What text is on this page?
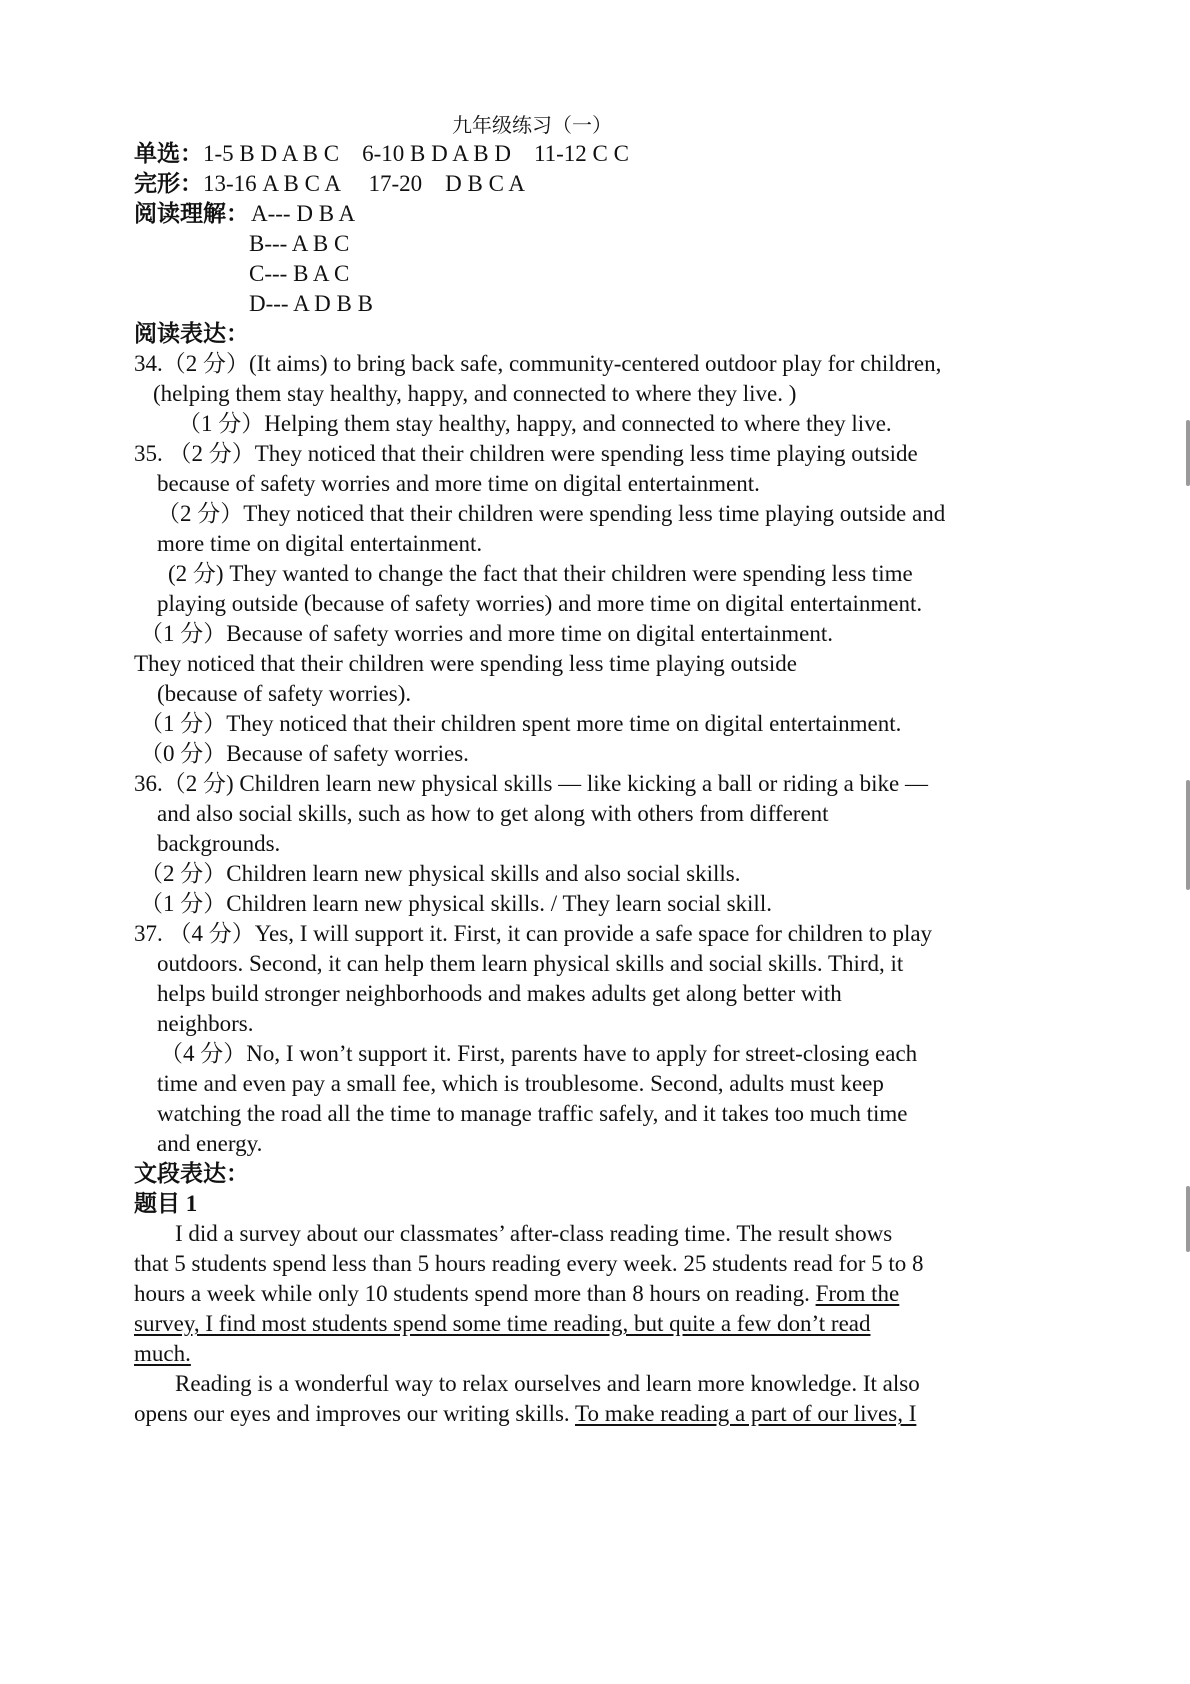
九年级练习（一）
单选：1-5 B D A B C    6-10 B D A B D    11-12 C C
完形：13-16 A B C A     17-20    D B C A
阅读理解：A--- D B A
B--- A B C
C--- B A C
D--- A D B B
阅读表达：
34.（2 分）(It aims) to bring back safe, community-centered outdoor play for children,
(helping them stay healthy, happy, and connected to where they live. )
（1 分）Helping them stay healthy, happy, and connected to where they live.
35. （2 分）They noticed that their children were spending less time playing outside
because of safety worries and more time on digital entertainment.
（2 分）They noticed that their children were spending less time playing outside and
more time on digital entertainment.
(2 分) They wanted to change the fact that their children were spending less time
playing outside (because of safety worries) and more time on digital entertainment.
（1 分）Because of safety worries and more time on digital entertainment.
They noticed that their children were spending less time playing outside
(because of safety worries).
（1 分）They noticed that their children spent more time on digital entertainment.
（0 分）Because of safety worries.
36.（2 分) Children learn new physical skills — like kicking a ball or riding a bike —
and also social skills, such as how to get along with others from different
backgrounds.
（2 分）Children learn new physical skills and also social skills.
（1 分）Children learn new physical skills. / They learn social skill.
37. （4 分）Yes, I will support it. First, it can provide a safe space for children to play
outdoors. Second, it can help them learn physical skills and social skills. Third, it
helps build stronger neighborhoods and makes adults get along better with
neighbors.
（4 分）No, I won’t support it. First, parents have to apply for street-closing each
time and even pay a small fee, which is troublesome. Second, adults must keep
watching the road all the time to manage traffic safely, and it takes too much time
and energy.
文段表达：
题目 1
I did a survey about our classmates’ after-class reading time. The result shows
that 5 students spend less than 5 hours reading every week. 25 students read for 5 to 8
hours a week while only 10 students spend more than 8 hours on reading. From the
survey, I find most students spend some time reading, but quite a few don’t read
much.
Reading is a wonderful way to relax ourselves and learn more knowledge. It also
opens our eyes and improves our writing skills. To make reading a part of our lives, I
